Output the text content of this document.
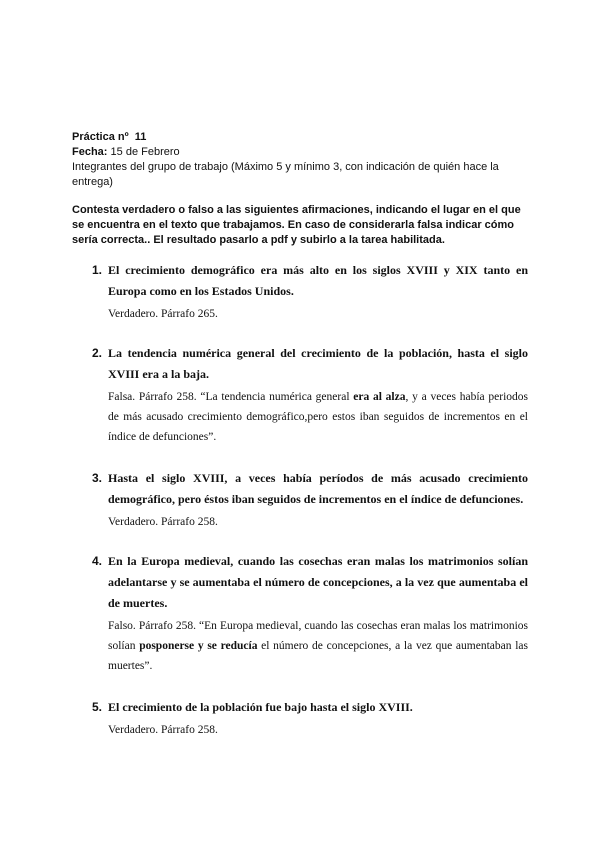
Práctica nº 11
Fecha: 15 de Febrero
Integrantes del grupo de trabajo (Máximo 5 y mínimo 3, con indicación de quién hace la entrega)
Contesta verdadero o falso a las siguientes afirmaciones, indicando el lugar en el que se encuentra en el texto que trabajamos. En caso de considerarla falsa indicar cómo sería correcta.. El resultado pasarlo a pdf y subirlo a la tarea habilitada.
1. El crecimiento demográfico era más alto en los siglos XVIII y XIX tanto en Europa como en los Estados Unidos.
Verdadero. Párrafo 265.
2. La tendencia numérica general del crecimiento de la población, hasta el siglo XVIII era a la baja.
Falsa. Párrafo 258. “La tendencia numérica general era al alza, y a veces había periodos de más acusado crecimiento demográfico,pero estos iban seguidos de incrementos en el índice de defunciones”.
3. Hasta el siglo XVIII, a veces había períodos de más acusado crecimiento demográfico, pero éstos iban seguidos de incrementos en el índice de defunciones.
Verdadero. Párrafo 258.
4. En la Europa medieval, cuando las cosechas eran malas los matrimonios solían adelantarse y se aumentaba el número de concepciones, a la vez que aumentaba el de muertes.
Falso. Párrafo 258. “En Europa medieval, cuando las cosechas eran malas los matrimonios solían posponerse y se reducía el número de concepciones, a la vez que aumentaban las muertes”.
5. El crecimiento de la población fue bajo hasta el siglo XVIII.
Verdadero. Párrafo 258.
